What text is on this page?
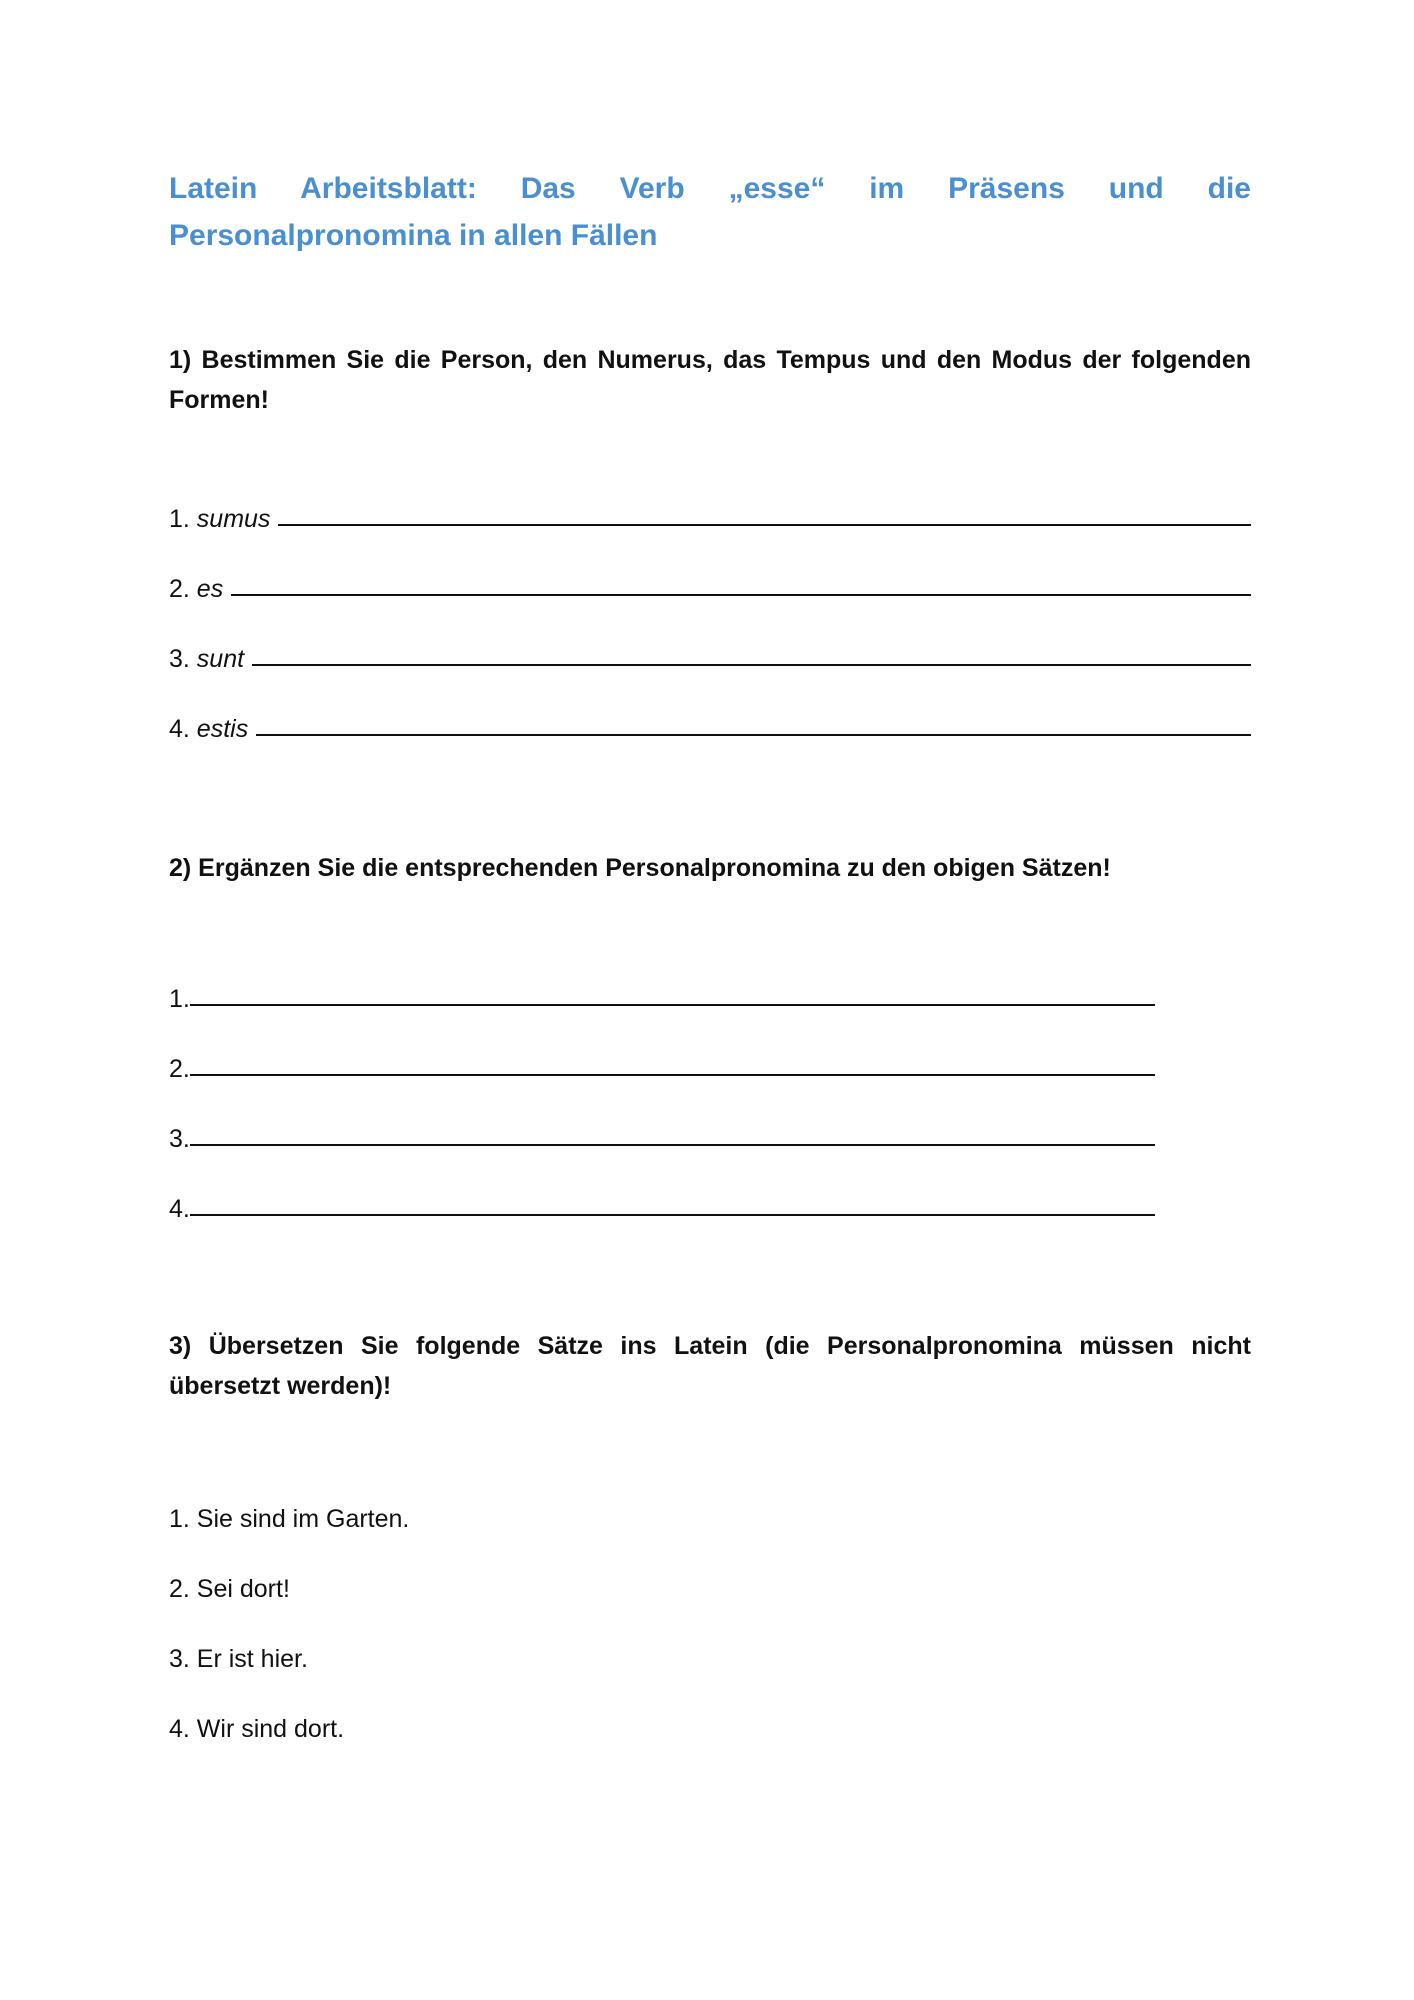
Latein Arbeitsblatt: Das Verb „esse“ im Präsens und die Personalpronomina in allen Fällen
1) Bestimmen Sie die Person, den Numerus, das Tempus und den Modus der folgenden Formen!
1. sumus
2. es
3. sunt
4. estis
2) Ergänzen Sie die entsprechenden Personalpronomina zu den obigen Sätzen!
1.
2.
3.
4.
3) Übersetzen Sie folgende Sätze ins Latein (die Personalpronomina müssen nicht übersetzt werden)!
1. Sie sind im Garten.
2. Sei dort!
3. Er ist hier.
4. Wir sind dort.
